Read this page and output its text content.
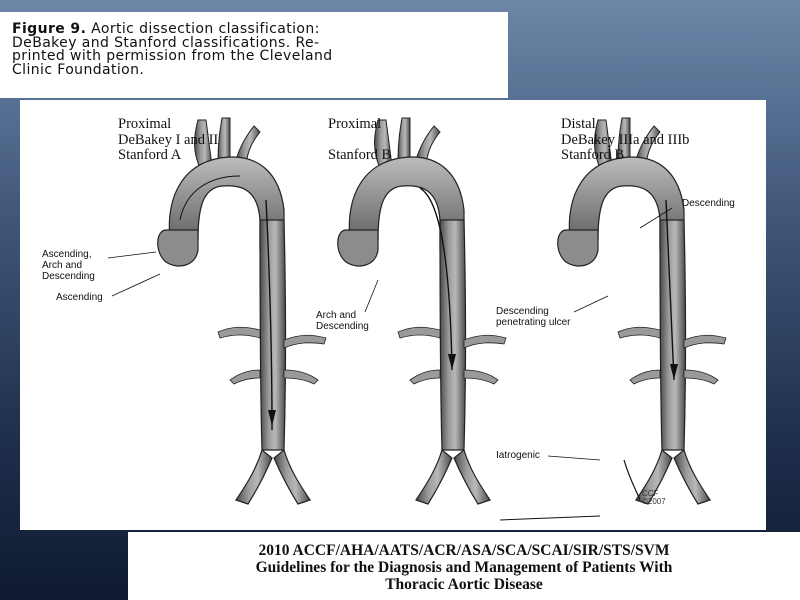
Figure 9. Aortic dissection classification:
DeBakey and Stanford classifications. Re-
printed with permission from the Cleveland
Clinic Foundation.
Proximal
DeBakey I and II
Stanford A
Proximal

Stanford B
Distal
DeBakey IIIa and IIIb
Stanford B
Ascending,
Arch and
Descending
Ascending
Arch and
Descending
Descending
Descending
penetrating ulcer
Iatrogenic
CCF
©2007
2010 ACCF/AHA/AATS/ACR/ASA/SCA/SCAI/SIR/STS/SVM
Guidelines for the Diagnosis and Management of Patients With
Thoracic Aortic Disease
